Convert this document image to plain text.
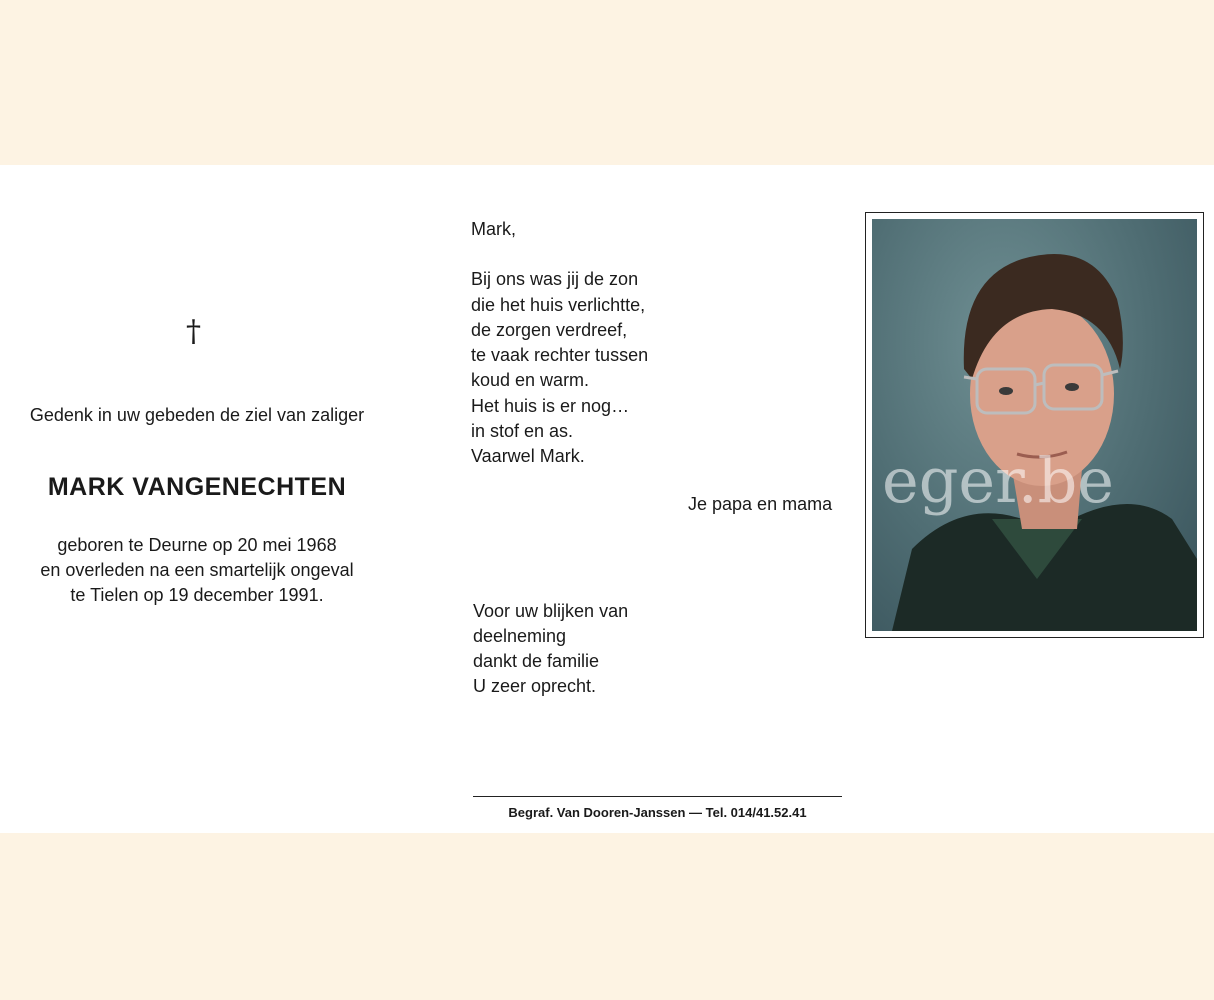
†
Gedenk in uw gebeden de ziel van zaliger
MARK VANGENECHTEN
geboren te Deurne op 20 mei 1968
en overleden na een smartelijk ongeval
te Tielen op 19 december 1991.
Mark,
Bij ons was jij de zon
die het huis verlichtte,
de zorgen verdreef,
te vaak rechter tussen
koud en warm.
Het huis is er nog…
in stof en as.
Vaarwel Mark.
Je papa en mama
Voor uw blijken van
deelneming
dankt de familie
U zeer oprecht.
Begraf. Van Dooren-Janssen — Tel. 014/41.52.41
eger.be
